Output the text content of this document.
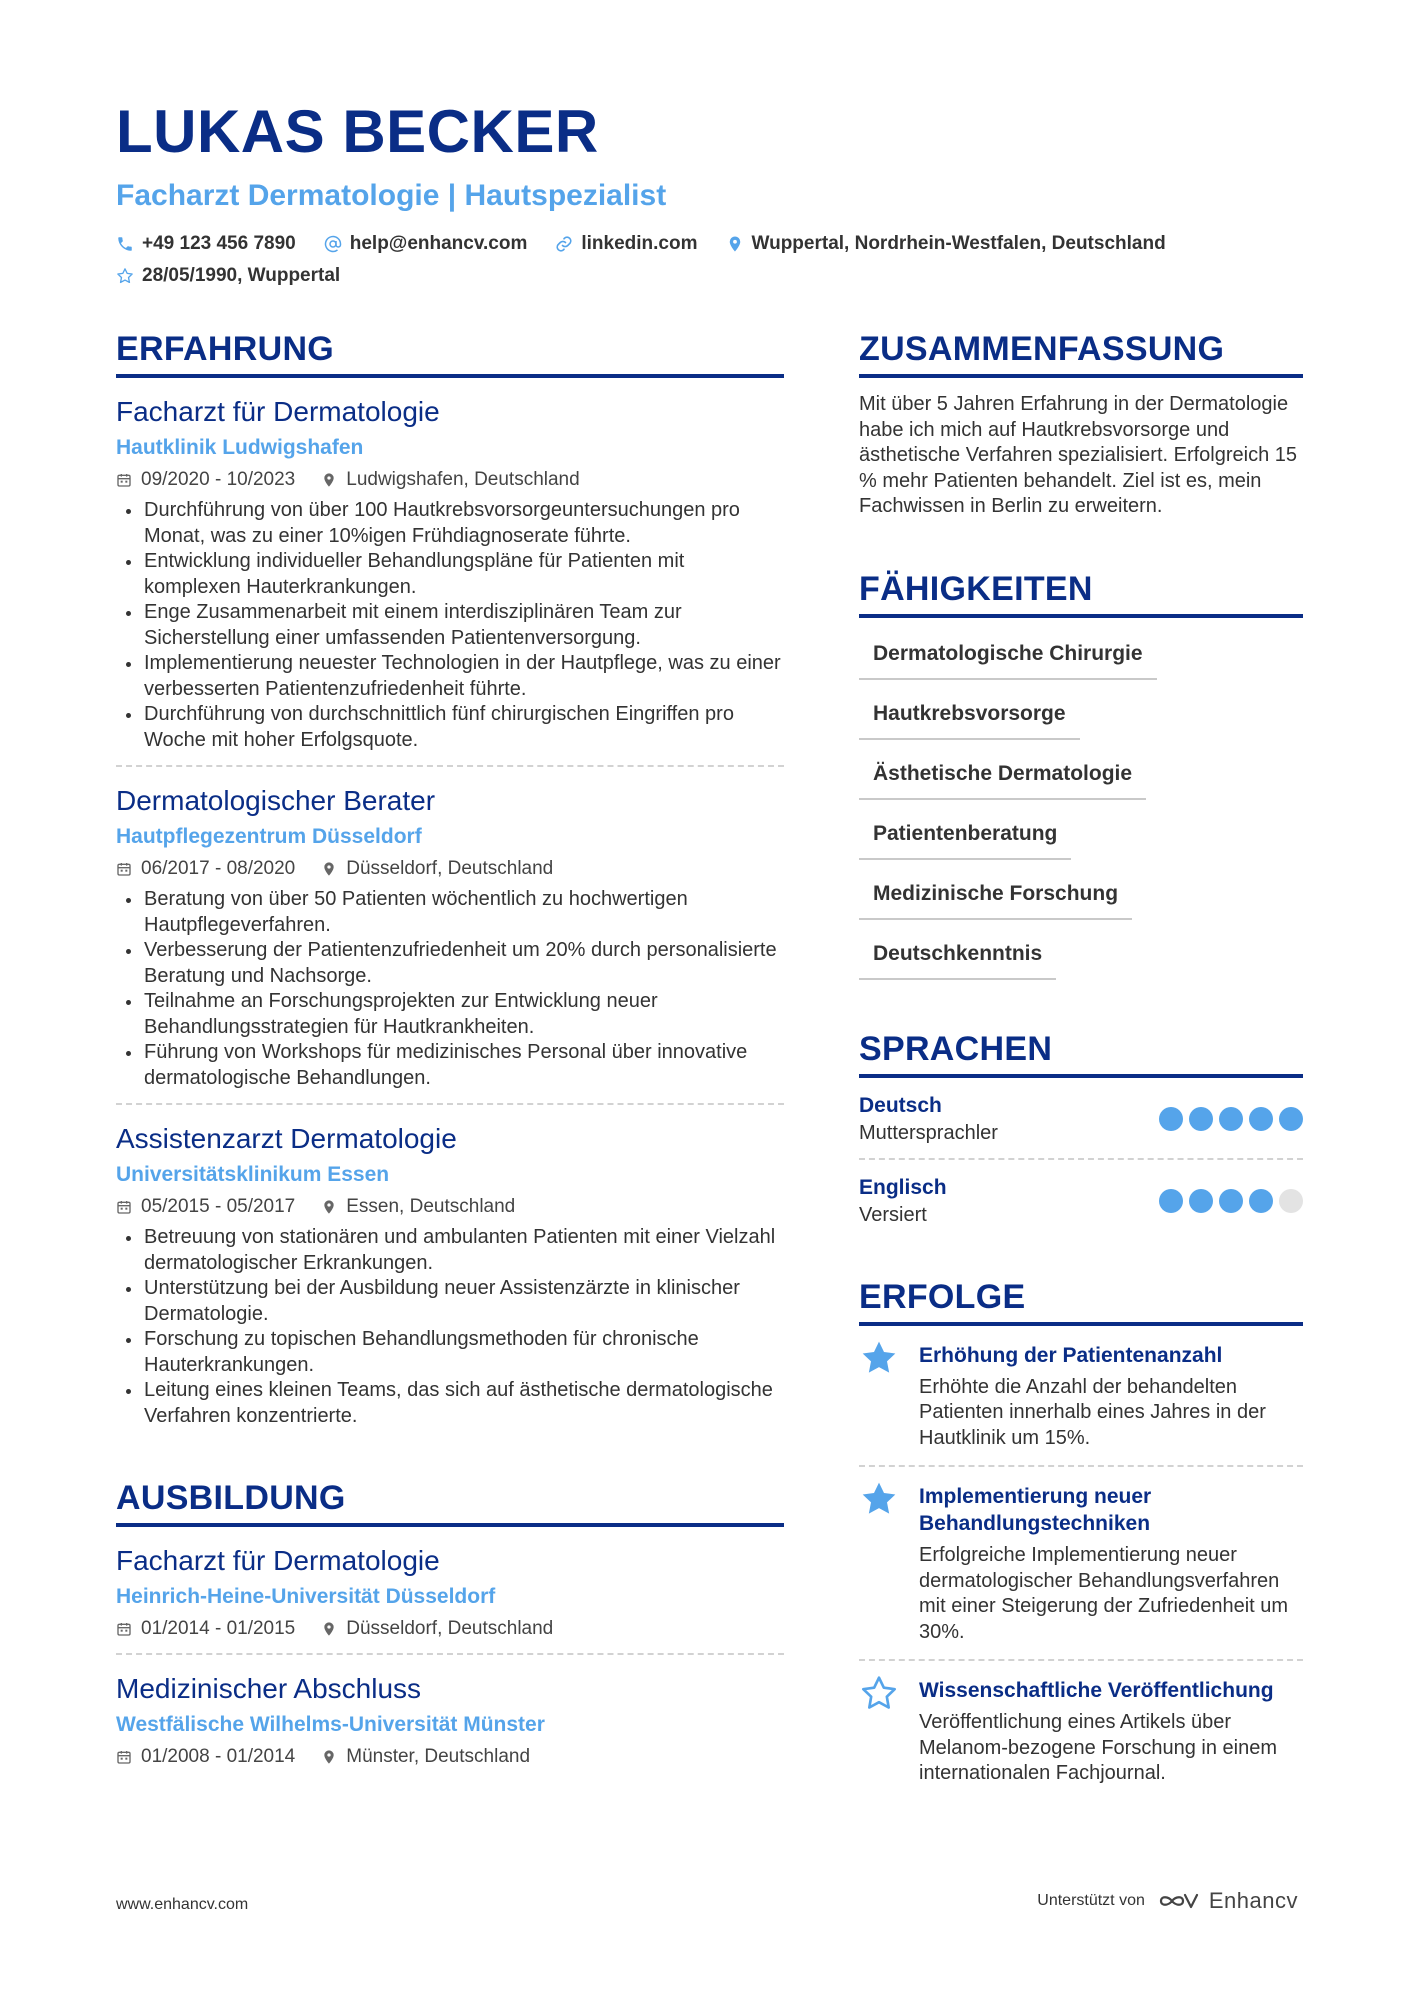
LUKAS BECKER
Facharzt Dermatologie | Hautspezialist
+49 123 456 7890	help@enhancv.com	linkedin.com	Wuppertal, Nordrhein-Westfalen, Deutschland
28/05/1990, Wuppertal
ERFAHRUNG
Facharzt für Dermatologie
Hautklinik Ludwigshafen
09/2020 - 10/2023	Ludwigshafen, Deutschland
Durchführung von über 100 Hautkrebsvorsorgeuntersuchungen pro Monat, was zu einer 10%igen Frühdiagnoserate führte.
Entwicklung individueller Behandlungspläne für Patienten mit komplexen Hauterkrankungen.
Enge Zusammenarbeit mit einem interdisziplinären Team zur Sicherstellung einer umfassenden Patientenversorgung.
Implementierung neuester Technologien in der Hautpflege, was zu einer verbesserten Patientenzufriedenheit führte.
Durchführung von durchschnittlich fünf chirurgischen Eingriffen pro Woche mit hoher Erfolgsquote.
Dermatologischer Berater
Hautpflegezentrum Düsseldorf
06/2017 - 08/2020	Düsseldorf, Deutschland
Beratung von über 50 Patienten wöchentlich zu hochwertigen Hautpflegeverfahren.
Verbesserung der Patientenzufriedenheit um 20% durch personalisierte Beratung und Nachsorge.
Teilnahme an Forschungsprojekten zur Entwicklung neuer Behandlungsstrategien für Hautkrankheiten.
Führung von Workshops für medizinisches Personal über innovative dermatologische Behandlungen.
Assistenzarzt Dermatologie
Universitätsklinikum Essen
05/2015 - 05/2017	Essen, Deutschland
Betreuung von stationären und ambulanten Patienten mit einer Vielzahl dermatologischer Erkrankungen.
Unterstützung bei der Ausbildung neuer Assistenzärzte in klinischer Dermatologie.
Forschung zu topischen Behandlungsmethoden für chronische Hauterkrankungen.
Leitung eines kleinen Teams, das sich auf ästhetische dermatologische Verfahren konzentrierte.
AUSBILDUNG
Facharzt für Dermatologie
Heinrich-Heine-Universität Düsseldorf
01/2014 - 01/2015	Düsseldorf, Deutschland
Medizinischer Abschluss
Westfälische Wilhelms-Universität Münster
01/2008 - 01/2014	Münster, Deutschland
ZUSAMMENFASSUNG
Mit über 5 Jahren Erfahrung in der Dermatologie habe ich mich auf Hautkrebsvorsorge und ästhetische Verfahren spezialisiert. Erfolgreich 15 % mehr Patienten behandelt. Ziel ist es, mein Fachwissen in Berlin zu erweitern.
FÄHIGKEITEN
Dermatologische Chirurgie
Hautkrebsvorsorge
Ästhetische Dermatologie
Patientenberatung
Medizinische Forschung
Deutschkenntnis
SPRACHEN
Deutsch
Muttersprachler
Englisch
Versiert
ERFOLGE
Erhöhung der Patientenanzahl
Erhöhte die Anzahl der behandelten Patienten innerhalb eines Jahres in der Hautklinik um 15%.
Implementierung neuer Behandlungstechniken
Erfolgreiche Implementierung neuer dermatologischer Behandlungsverfahren mit einer Steigerung der Zufriedenheit um 30%.
Wissenschaftliche Veröffentlichung
Veröffentlichung eines Artikels über Melanom-bezogene Forschung in einem internationalen Fachjournal.
www.enhancv.com	Unterstützt von	Enhancv
